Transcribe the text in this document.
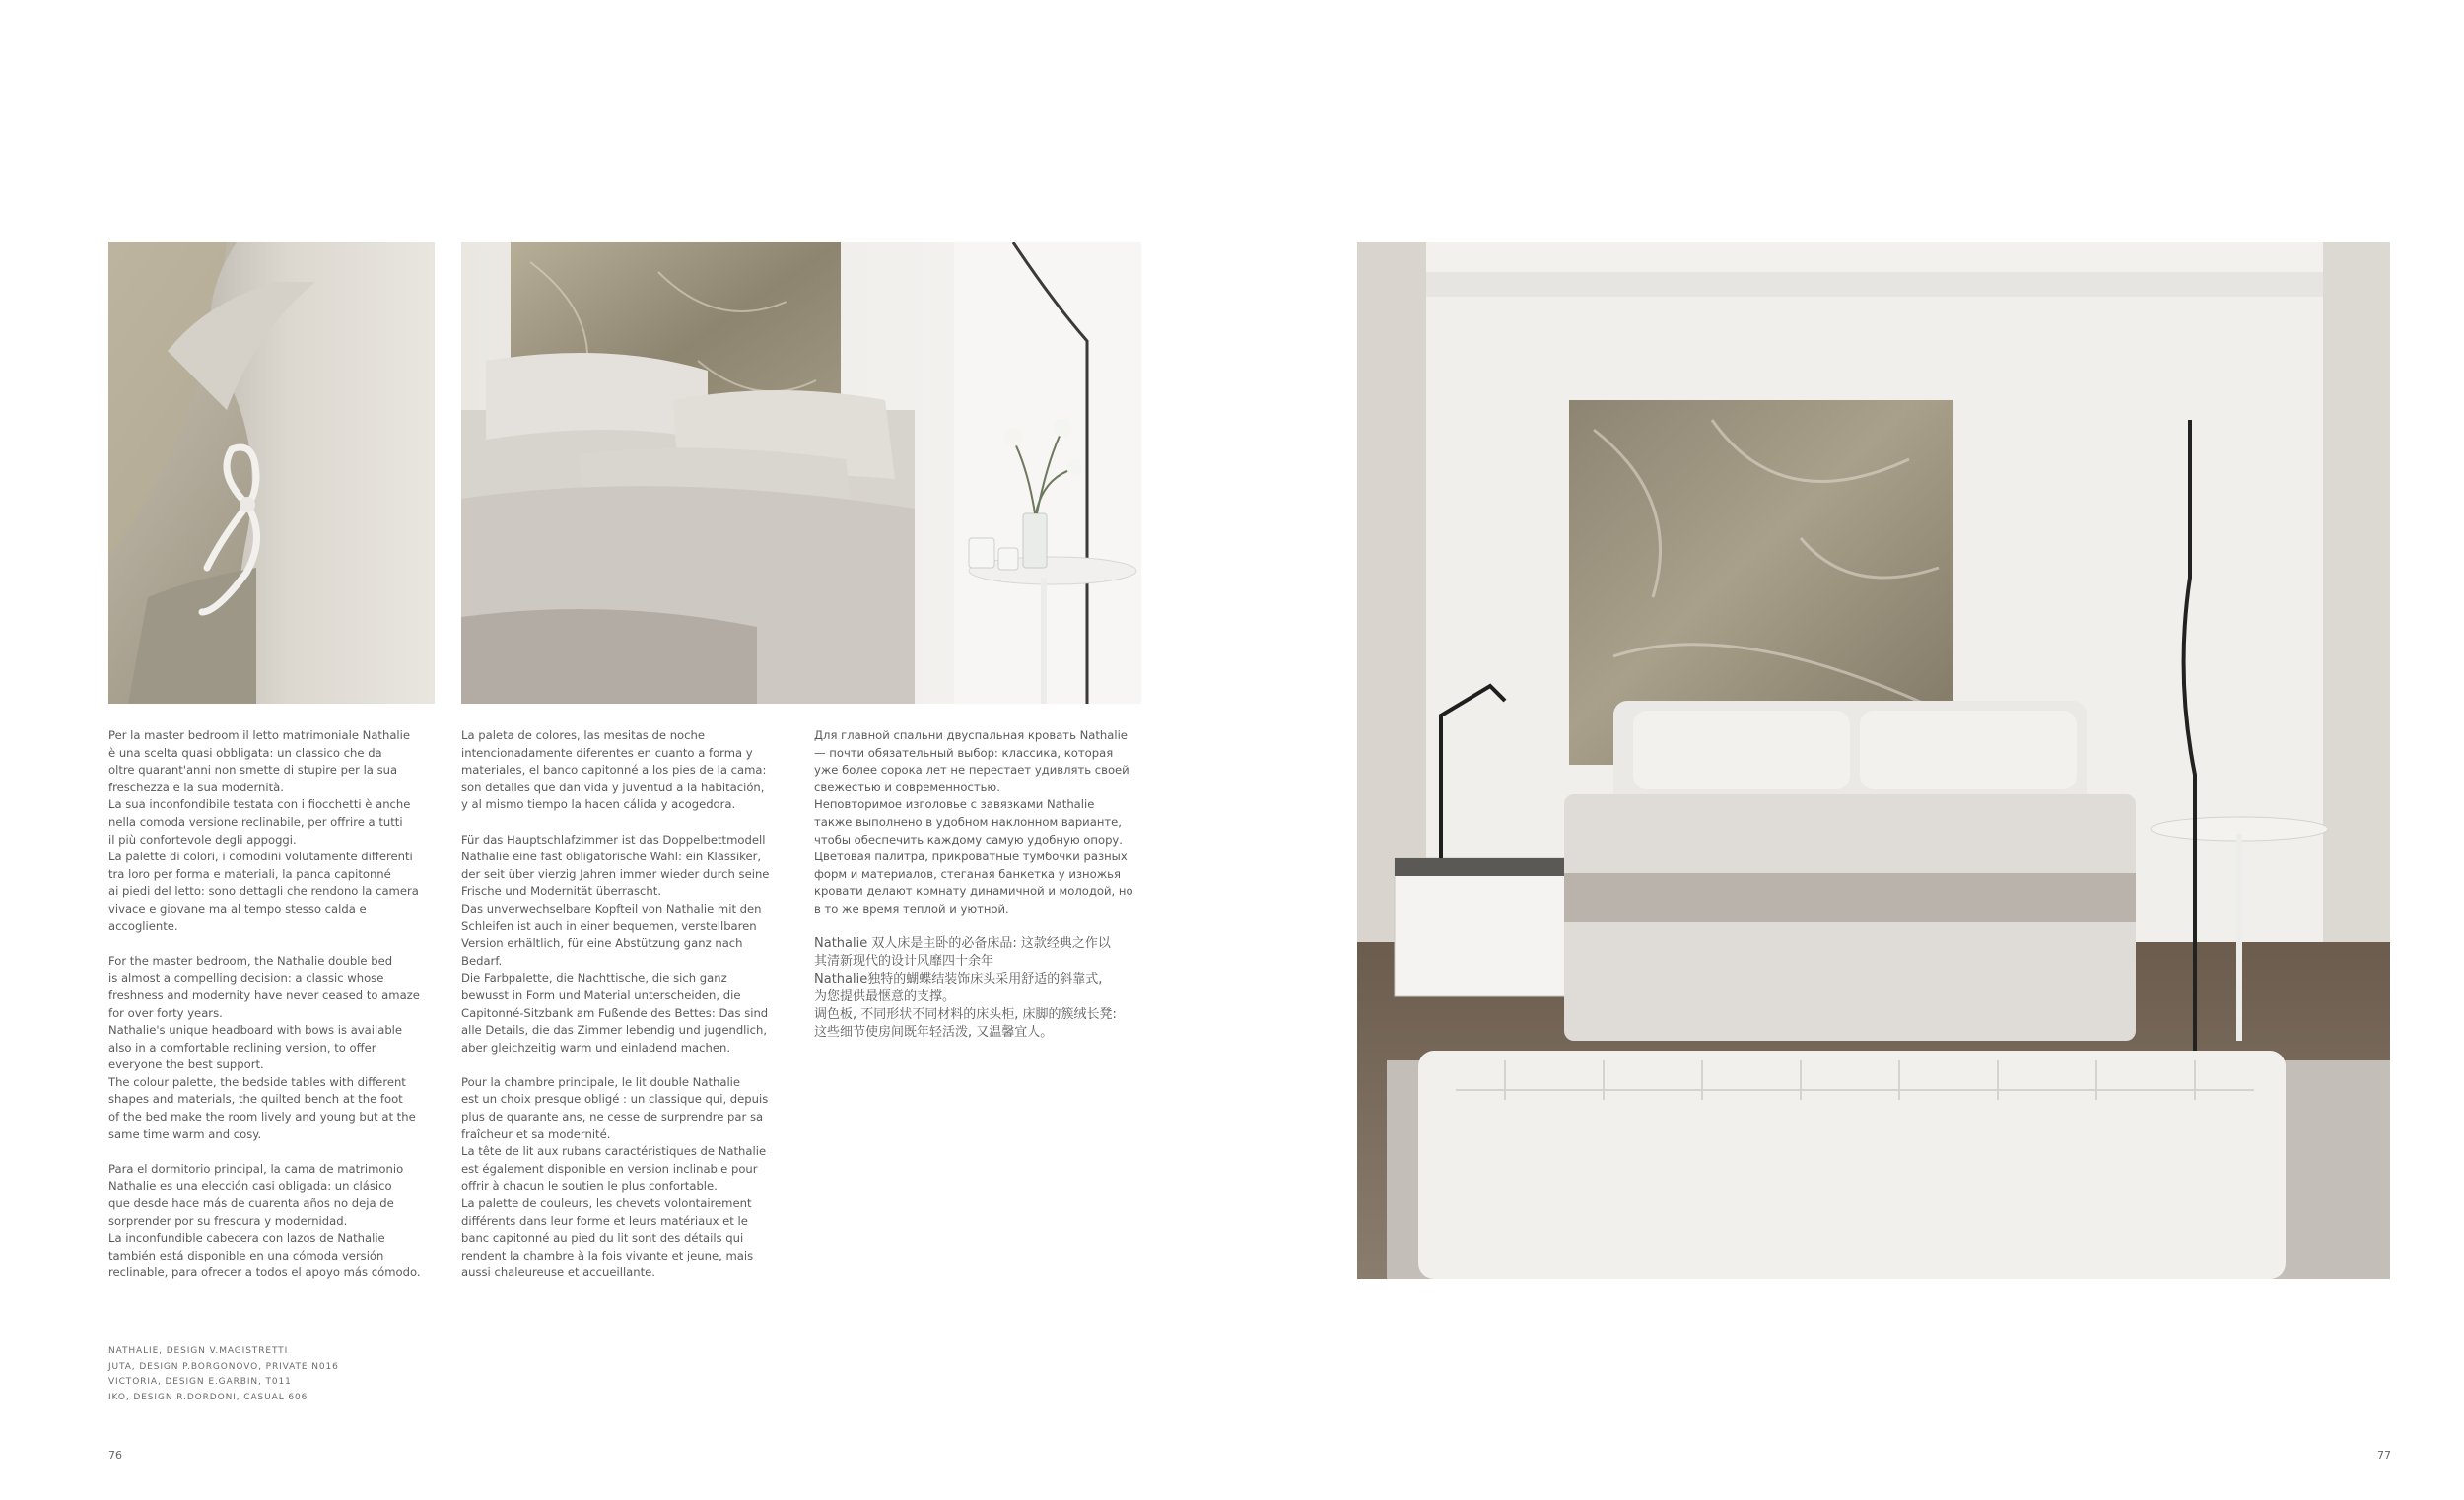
Per la master bedroom il letto matrimoniale Nathalie
è una scelta quasi obbligata: un classico che da
oltre quarant'anni non smette di stupire per la sua
freschezza e la sua modernità.
La sua inconfondibile testata con i fiocchetti è anche
nella comoda versione reclinabile, per offrire a tutti
il più confortevole degli appoggi.
La palette di colori, i comodini volutamente differenti
tra loro per forma e materiali, la panca capitonné
ai piedi del letto: sono dettagli che rendono la camera
vivace e giovane ma al tempo stesso calda e
accogliente.

For the master bedroom, the Nathalie double bed
is almost a compelling decision: a classic whose
freshness and modernity have never ceased to amaze
for over forty years.
Nathalie's unique headboard with bows is available
also in a comfortable reclining version, to offer
everyone the best support.
The colour palette, the bedside tables with different
shapes and materials, the quilted bench at the foot
of the bed make the room lively and young but at the
same time warm and cosy.

Para el dormitorio principal, la cama de matrimonio
Nathalie es una elección casi obligada: un clásico
que desde hace más de cuarenta años no deja de
sorprender por su frescura y modernidad.
La inconfundible cabecera con lazos de Nathalie
también está disponible en una cómoda versión
reclinable, para ofrecer a todos el apoyo más cómodo.

La paleta de colores, las mesitas de noche
intencionadamente diferentes en cuanto a forma y
materiales, el banco capitonné a los pies de la cama:
son detalles que dan vida y juventud a la habitación,
y al mismo tiempo la hacen cálida y acogedora.

Für das Hauptschlafzimmer ist das Doppelbettmodell
Nathalie eine fast obligatorische Wahl: ein Klassiker,
der seit über vierzig Jahren immer wieder durch seine
Frische und Modernität überrascht.
Das unverwechselbare Kopfteil von Nathalie mit den
Schleifen ist auch in einer bequemen, verstellbaren
Version erhältlich, für eine Abstützung ganz nach
Bedarf.
Die Farbpalette, die Nachttische, die sich ganz
bewusst in Form und Material unterscheiden, die
Capitonné-Sitzbank am Fußende des Bettes: Das sind
alle Details, die das Zimmer lebendig und jugendlich,
aber gleichzeitig warm und einladend machen.

Pour la chambre principale, le lit double Nathalie
est un choix presque obligé : un classique qui, depuis
plus de quarante ans, ne cesse de surprendre par sa
fraîcheur et sa modernité.
La tête de lit aux rubans caractéristiques de Nathalie
est également disponible en version inclinable pour
offrir à chacun le soutien le plus confortable.
La palette de couleurs, les chevets volontairement
différents dans leur forme et leurs matériaux et le
banc capitonné au pied du lit sont des détails qui
rendent la chambre à la fois vivante et jeune, mais
aussi chaleureuse et accueillante.

Для главной спальни двуспальная кровать Nathalie
— почти обязательный выбор: классика, которая
уже более сорока лет не перестает удивлять своей
свежестью и современностью.
Неповторимое изголовье с завязками Nathalie
также выполнено в удобном наклонном варианте,
чтобы обеспечить каждому самую удобную опору.
Цветовая палитра, прикроватные тумбочки разных
форм и материалов, стеганая банкетка у изножья
кровати делают комнату динамичной и молодой, но
в то же время теплой и уютной.

Nathalie 双人床是主卧的必备床品: 这款经典之作以
其清新现代的设计风靡四十余年
Nathalie独特的蝴蝶结装饰床头采用舒适的斜靠式,
为您提供最惬意的支撑。
调色板, 不同形状不同材料的床头柜, 床脚的簇绒长凳:
这些细节使房间既年轻活泼, 又温馨宜人。

NATHALIE, DESIGN V.MAGISTRETTI
JUTA, DESIGN P.BORGONOVO, PRIVATE N016
VICTORIA, DESIGN E.GARBIN, T011
IKO, DESIGN R.DORDONI, CASUAL 606
76	77
